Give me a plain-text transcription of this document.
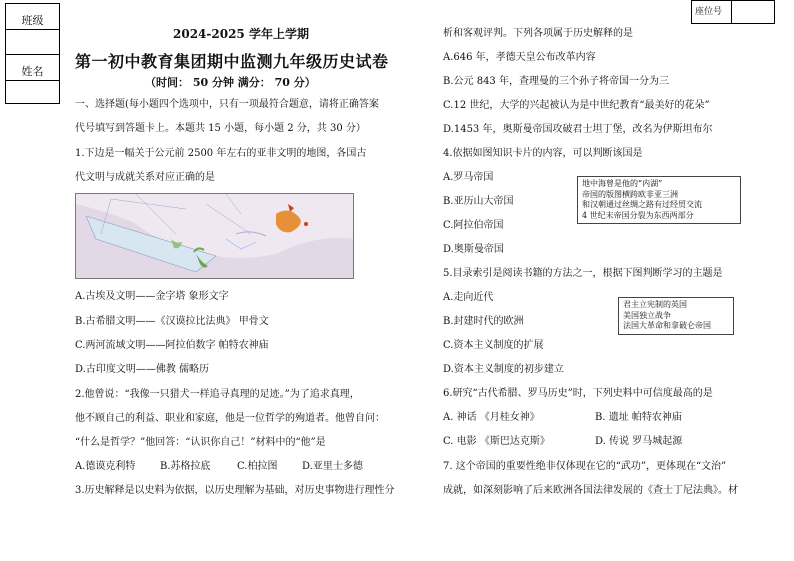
班级
姓名
座位号
2024-2025 学年上学期
第一初中教育集团期中监测九年级历史试卷
（时间： 50 分钟 满分： 70 分）
一、选择题(每小题四个选项中，只有一项最符合题意，请将正确答案
代号填写到答题卡上。本题共 15 小题，每小题 2 分，共 30 分）
1.下边是一幅关于公元前 2500 年左右的亚非文明的地图，各国古
代文明与成就关系对应正确的是
A.古埃及文明——金字塔 象形文字
B.古希腊文明——《汉谟拉比法典》 甲骨文
C.两河流域文明——阿拉伯数字 帕特农神庙
D.古印度文明——佛教 儒略历
2.他曾说：“我像一只猎犬一样追寻真理的足迹。”为了追求真理，
他不顾自己的利益、职业和家庭，他是一位哲学的殉道者。他曾自问：
“什么是哲学？”他回答：“认识你自己！”材料中的“他”是
A.德谟克利特 B.苏格拉底	C.柏拉图 D.亚里士多德
3.历史解释是以史料为依据，以历史理解为基础，对历史事物进行理性分
析和客观评判。下列各项属于历史解释的是
A.646 年，孝德天皇公布改革内容
B.公元 843 年，查理曼的三个孙子将帝国一分为三
C.12 世纪，大学的兴起被认为是中世纪教育“最美好的花朵”
D.1453 年，奥斯曼帝国攻破君士坦丁堡，改名为伊斯坦布尔
4.依据如图知识卡片的内容，可以判断该国是
A.罗马帝国
B.亚历山大帝国
C.阿拉伯帝国
D.奥斯曼帝国
地中海曾是他的“内湖”
帝国的版图横跨欧非亚三洲
和汉朝通过丝绸之路有过经贸交流
4 世纪末帝国分裂为东西两部分
5.目录索引是阅读书籍的方法之一，根据下图判断学习的主题是
A.走向近代
B.封建时代的欧洲
C.资本主义制度的扩展
D.资本主义制度的初步建立
君主立宪制的英国
美国独立战争
法国大革命和拿破仑帝国
6.研究“古代希腊、罗马历史”时，下列史料中可信度最高的是
A. 神话 《月桂女神》	B. 遗址 帕特农神庙
C. 电影 《斯巴达克斯》	D. 传说 罗马城起源
7. 这个帝国的重要性绝非仅体现在它的“武功”，更体现在“文治”
成就，如深刻影响了后来欧洲各国法律发展的《查士丁尼法典》。材
